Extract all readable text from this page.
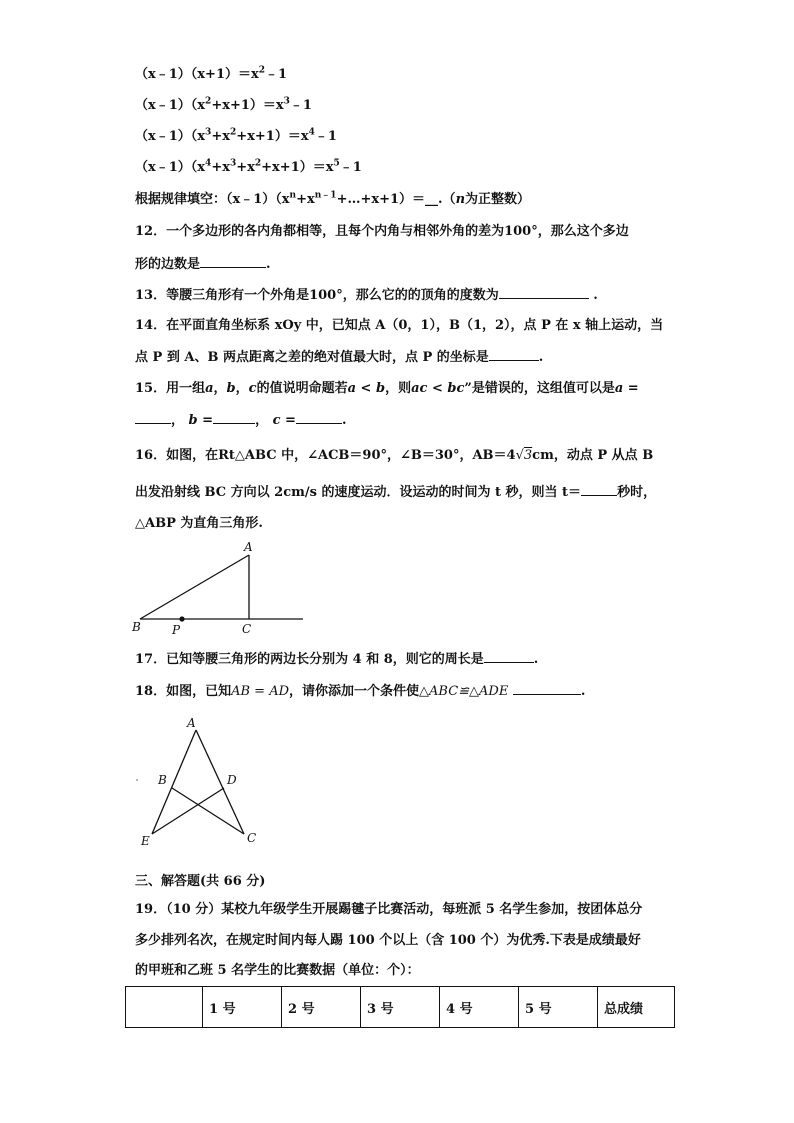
$(x﹣1)(x+1)=x^2﹣1$
$(x﹣1)(x^2+x+1)=x^3﹣1$
$(x﹣1)(x^3+x^2+x+1)=x^4﹣1$
$(x﹣1)(x^4+x^3+x^2+x+1)=x^5﹣1$
根据规律填空：$(x﹣1)(x^n+x^{n﹣1}+\dots+x+1)=\_\_.(n$为正整数）
12．一个多边形的各内角都相等，且每个内角与相邻外角的差为100°，那么这个多边
形的边数是	.
13．等腰三角形有一个外角是100°，那么它的的顶角的度数为	.
14．在平面直角坐标系 xOy 中，已知点 A（0，1），B（1，2），点 P 在 x 轴上运动，当
点 P 到 A、B 两点距离之差的绝对值最大时，点 P 的坐标是	.
15．用一组a，b，c的值说明命题若a < b，则ac < bc”是错误的，这组值可以是a =
， b =	， c =	.
16．如图，在Rt△ABC 中，∠ACB＝90°，∠B＝30°，AB＝4√3cm，动点 P 从点 B
出发沿射线 BC 方向以 2cm/s 的速度运动．设运动的时间为 t 秒，则当 t＝	秒时，
△ABP 为直角三角形.
A
B	P	C
17．已知等腰三角形的两边长分别为 4 和 8，则它的周长是	.
18．如图，已知AB = AD，请你添加一个条件使△ABC≌△ADE	.
A
B	D
E	C
三、解答题(共 66 分)
19．（10 分）某校九年级学生开展踢毽子比赛活动，每班派 5 名学生参加，按团体总分
多少排列名次，在规定时间内每人踢 100 个以上（含 100 个）为优秀.下表是成绩最好
的甲班和乙班 5 名学生的比赛数据（单位：个）：
	1 号	2 号	3 号	4 号	5 号	总成绩
